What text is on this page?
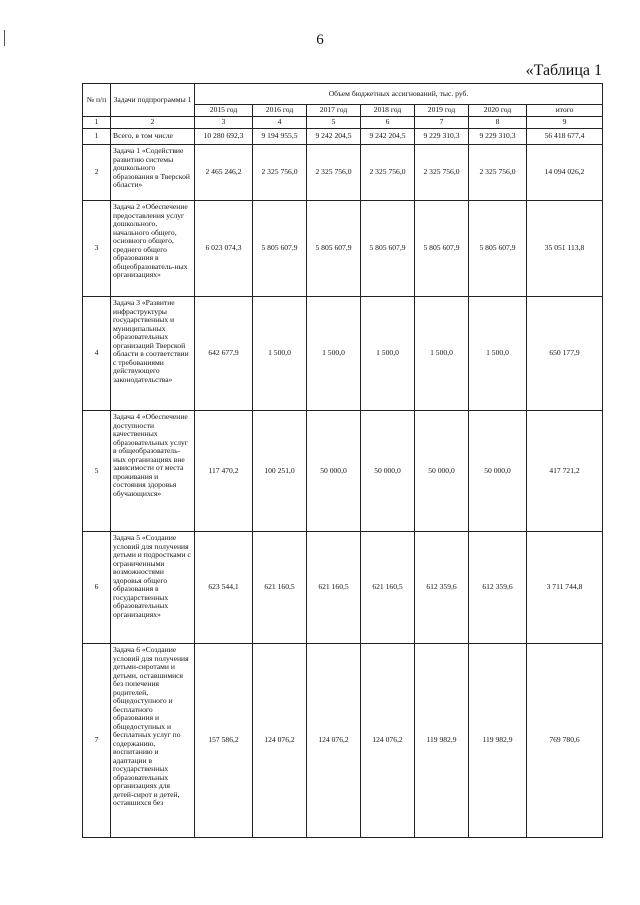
6
«Таблица 1
№ п/п	Задачи подпрограммы 1	Объем бюджетных ассигнований, тыс. руб.						
		2015 год	2016 год	2017 год	2018 год	2019 год	2020 год	итого
1	2	3	4	5	6	7	8	9
1	Всего, в том числе	10 280 692,3	9 194 955,5	9 242 204,5	9 242 204,5	9 229 310,3	9 229 310,3	56 418 677,4
2	Задача 1 «Содействие развитию системы дошкольного образования в Тверской области»	2 465 246,2	2 325 756,0	2 325 756,0	2 325 756,0	2 325 756,0	2 325 756,0	14 094 026,2
3	Задача 2 «Обеспечение предоставления услуг дошкольного, начального общего, основного общего, среднего общего образования в общеобразователь-ных организациях»	6 023 074,3	5 805 607,9	5 805 607,9	5 805 607,9	5 805 607,9	5 805 607,9	35 051 113,8
4	Задача 3 «Развитие инфраструктуры государственных и муниципальных образовательных организаций Тверской области в соответствии с требованиями действующего законодательства»	642 677,9	1 500,0	1 500,0	1 500,0	1 500,0	1 500,0	650 177,9
5	Задача 4 «Обеспечение доступности качественных образовательных услуг в общеобразователь-ных организациях вне зависимости от места проживания и состояния здоровья обучающихся»	117 470,2	100 251,0	50 000,0	50 000,0	50 000,0	50 000,0	417 721,2
6	Задача 5 «Создание условий для получения детьми и подростками с ограниченными возможностями здоровья общего образования в государственных образовательных организациях»	623 544,1	621 160,5	621 160,5	621 160,5	612 359,6	612 359,6	3 711 744,8
7	Задача 6 «Создание условий для получения детьми-сиротами и детьми, оставшимися без попечения родителей, общедоступного и бесплатного образования и общедоступных и бесплатных услуг по содержанию, воспитанию и адаптации в государственных образовательных организациях для детей-сирот и детей, оставшихся без	157 586,2	124 076,2	124 076,2	124 076,2	119 982,9	119 982,9	769 780,6
